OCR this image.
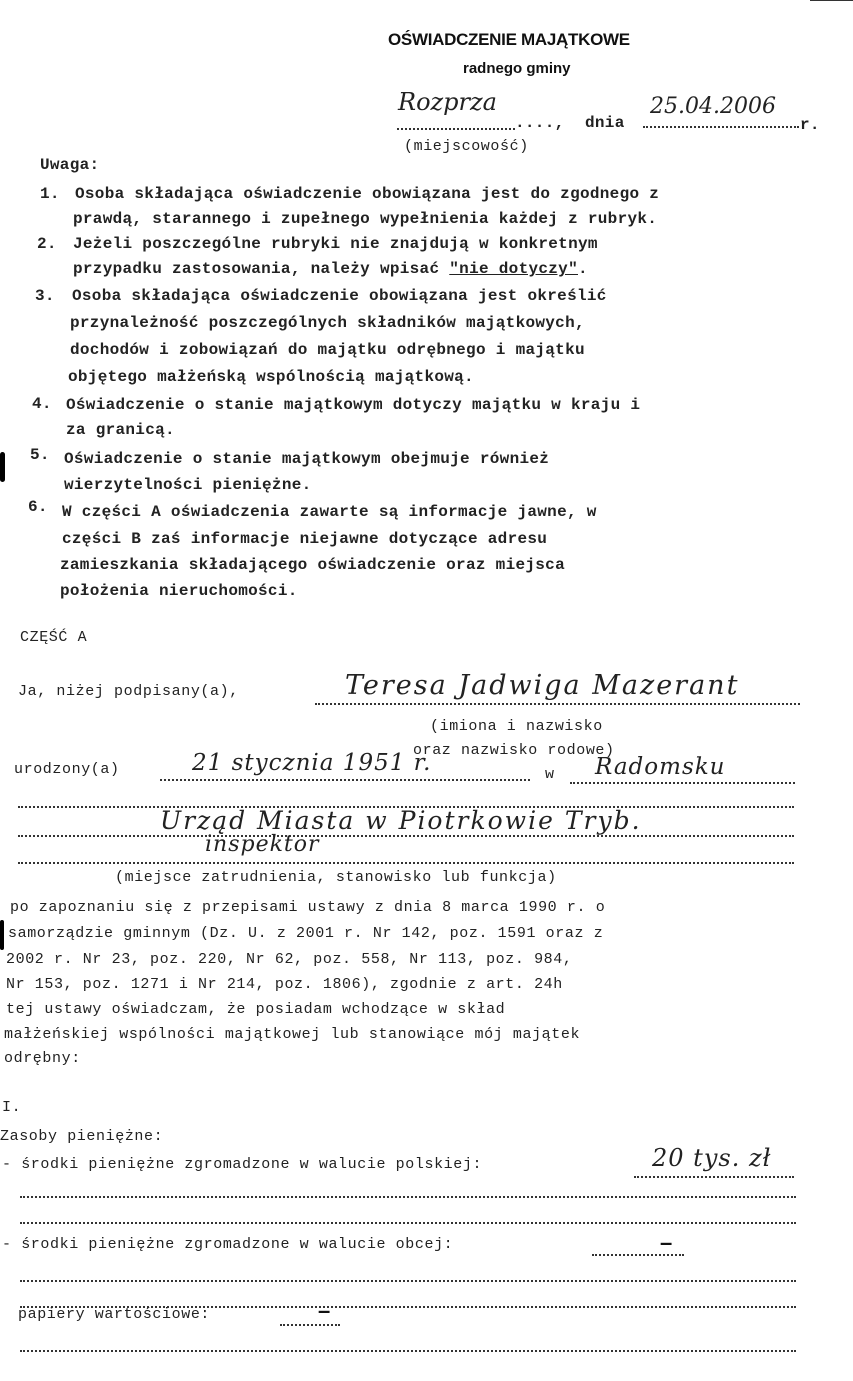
OŚWIADCZENIE MAJĄTKOWE
radnego gminy
Rozprza
...., dnia
25.04.2006
r.
(miejscowość)
Uwaga:
1. Osoba składająca oświadczenie obowiązana jest do zgodnego z
prawdą, starannego i zupełnego wypełnienia każdej z rubryk.
2. Jeżeli poszczególne rubryki nie znajdują w konkretnym
przypadku zastosowania, należy wpisać "nie dotyczy".
3. Osoba składająca oświadczenie obowiązana jest określić
przynależność poszczególnych składników majątkowych,
dochodów i zobowiązań do majątku odrębnego i majątku
objętego małżeńską wspólnością majątkową.
4. Oświadczenie o stanie majątkowym dotyczy majątku w kraju i
za granicą.
5. Oświadczenie o stanie majątkowym obejmuje również
wierzytelności pieniężne.
6. W części A oświadczenia zawarte są informacje jawne, w
części B zaś informacje niejawne dotyczące adresu
zamieszkania składającego oświadczenie oraz miejsca
położenia nieruchomości.
CZĘŚĆ A
Ja, niżej podpisany(a),	Teresa Jadwiga Mazerant
(imiona i nazwisko
oraz nazwisko rodowe)
urodzony(a)	21 stycznia 1951 r.	w Radomsku
Urząd Miasta w Piotrkowie Tryb.
inspektor
(miejsce zatrudnienia, stanowisko lub funkcja)
po zapoznaniu się z przepisami ustawy z dnia 8 marca 1990 r. o
samorządzie gminnym (Dz. U. z 2001 r. Nr 142, poz. 1591 oraz z
2002 r. Nr 23, poz. 220, Nr 62, poz. 558, Nr 113, poz. 984,
Nr 153, poz. 1271 i Nr 214, poz. 1806), zgodnie z art. 24h
tej ustawy oświadczam, że posiadam wchodzące w skład
małżeńskiej wspólności majątkowej lub stanowiące mój majątek
odrębny:
I.
Zasoby pieniężne:
- środki pieniężne zgromadzone w walucie polskiej:	20 tys. zł
- środki pieniężne zgromadzone w walucie obcej:	–
papiery wartościowe:	–
